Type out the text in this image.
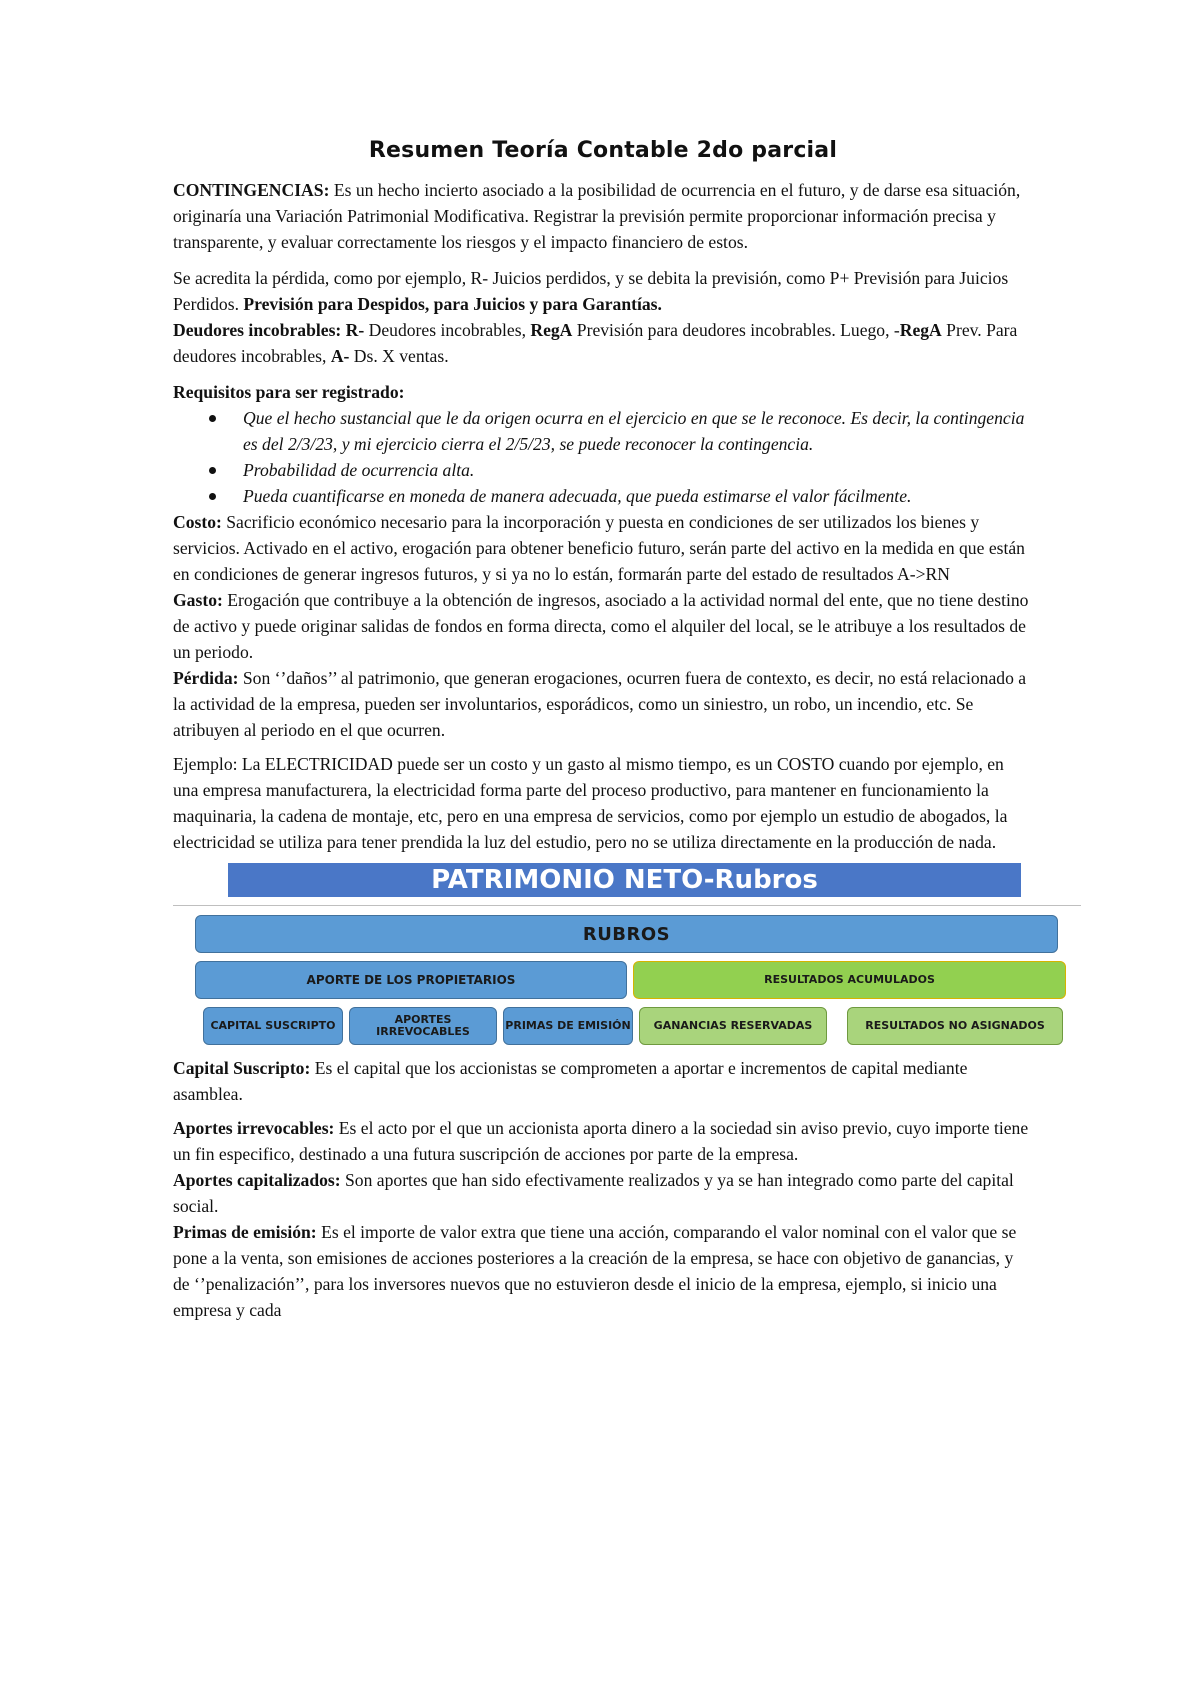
Resumen Teoría Contable 2do parcial

CONTINGENCIAS: Es un hecho incierto asociado a la posibilidad de ocurrencia en el futuro, y de darse esa situación, originaría una Variación Patrimonial Modificativa. Registrar la previsión permite proporcionar información precisa y transparente, y evaluar correctamente los riesgos y el impacto financiero de estos.

Se acredita la pérdida, como por ejemplo, R- Juicios perdidos, y se debita la previsión, como P+ Previsión para Juicios Perdidos. Previsión para Despidos, para Juicios y para Garantías.
Deudores incobrables: R- Deudores incobrables, RegA Previsión para deudores incobrables. Luego, -RegA Prev. Para deudores incobrables, A- Ds. X ventas.

Requisitos para ser registrado:

Que el hecho sustancial que le da origen ocurra en el ejercicio en que se le reconoce. Es decir, la contingencia es del 2/3/23, y mi ejercicio cierra el 2/5/23, se puede reconocer la contingencia.
Probabilidad de ocurrencia alta.
Pueda cuantificarse en moneda de manera adecuada, que pueda estimarse el valor fácilmente.

Costo: Sacrificio económico necesario para la incorporación y puesta en condiciones de ser utilizados los bienes y servicios. Activado en el activo, erogación para obtener beneficio futuro, serán parte del activo en la medida en que están en condiciones de generar ingresos futuros, y si ya no lo están, formarán parte del estado de resultados A->RN

Gasto: Erogación que contribuye a la obtención de ingresos, asociado a la actividad normal del ente, que no tiene destino de activo y puede originar salidas de fondos en forma directa, como el alquiler del local, se le atribuye a los resultados de un periodo.

Pérdida: Son ‘’daños’’ al patrimonio, que generan erogaciones, ocurren fuera de contexto, es decir, no está relacionado a la actividad de la empresa, pueden ser involuntarios, esporádicos, como un siniestro, un robo, un incendio, etc. Se atribuyen al periodo en el que ocurren.

Ejemplo: La ELECTRICIDAD puede ser un costo y un gasto al mismo tiempo, es un COSTO cuando por ejemplo, en una empresa manufacturera, la electricidad forma parte del proceso productivo, para mantener en funcionamiento la maquinaria, la cadena de montaje, etc, pero en una empresa de servicios, como por ejemplo un estudio de abogados, la electricidad se utiliza para tener prendida la luz del estudio, pero no se utiliza directamente en la producción de nada.

PATRIMONIO NETO-Rubros
RUBROS
APORTE DE LOS PROPIETARIOS	RESULTADOS ACUMULADOS
CAPITAL SUSCRIPTO	APORTES IRREVOCABLES	PRIMAS DE EMISIÓN	GANANCIAS RESERVADAS	RESULTADOS NO ASIGNADOS

Capital Suscripto: Es el capital que los accionistas se comprometen a aportar e incrementos de capital mediante asamblea.

Aportes irrevocables: Es el acto por el que un accionista aporta dinero a la sociedad sin aviso previo, cuyo importe tiene un fin especifico, destinado a una futura suscripción de acciones por parte de la empresa.

Aportes capitalizados: Son aportes que han sido efectivamente realizados y ya se han integrado como parte del capital social.

Primas de emisión: Es el importe de valor extra que tiene una acción, comparando el valor nominal con el valor que se pone a la venta, son emisiones de acciones posteriores a la creación de la empresa, se hace con objetivo de ganancias, y de ‘’penalización’’, para los inversores nuevos que no estuvieron desde el inicio de la empresa, ejemplo, si inicio una empresa y cada
